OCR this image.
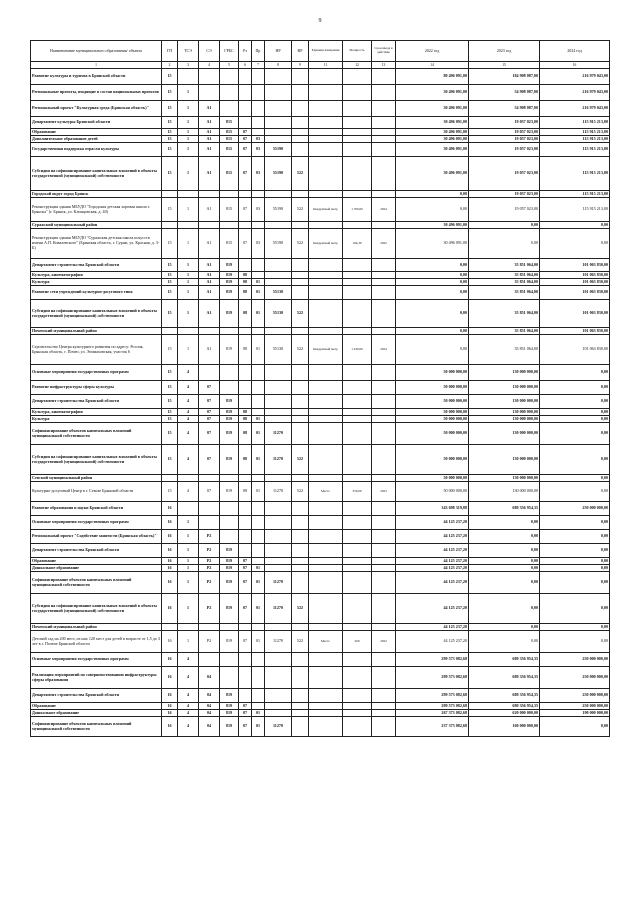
9
Наименование муниципального образования/ объекта	ГП	ТСЭ	СЭ	ГРБС	Рз	Пр	НР	ВР	Единица измерения	Мощность	Срок ввода в действие	2022 год	2023 год	2024 год
1	2	3	4	5	6	7	8	9	11	12	13	14	15	16
Развитие культуры и туризма в Брянской области	15											80 496 091,00	184 908 087,00	216 979 043,00
Региональные проекты, входящие в состав национальных проектов	15	1										30 496 091,00	54 908 087,00	216 979 043,00
Региональный проект "Культурная среда (Брянская область)"	15	1	A1									30 496 091,00	54 908 087,00	216 979 043,00
Департамент культуры Брянской области	15	1	A1	815								30 496 091,00	19 057 023,00	115 915 213,00
Образование	15	1	A1	815	07							30 496 091,00	19 057 023,00	115 915 213,00
Дополнительное образование детей	15	1	A1	815	07	03						30 496 091,00	19 057 023,00	115 915 213,00
Государственная поддержка отрасли культуры	15	1	A1	815	07	03	55190					30 496 091,00	19 057 023,00	115 915 213,00
Субсидии на софинансирование капитальных вложений в объекты государственной (муниципальной) собственности	15	1	A1	815	07	03	55190	522				30 496 091,00	19 057 023,00	115 915 213,00
Городской округ город Брянск												0,00	19 057 023,00	115 915 213,00
Реконструкция здания МБУДО "Городская детская хоровая школа г. Брянска" (г. Брянск, ул. Клинцовская, д. 40)	15	1	A1	815	07	03	55190	522	Квадратный метр	1 700,00	2024	0,00	19 057 023,00	115 915 213,00
Суражский муниципальный район												30 496 091,00	0,00	0,00
Реконструкция здания МБУДО "Суражская детская школа искусств имени А.П. Ковалевского" (Брянская область, г. Сураж, ул. Красная, д. 3-Б)	15	1	A1	815	07	03	55190	522	Квадратный метр	194,30	2022	30 496 091,00	0,00	0,00
Департамент строительства Брянской области	15	1	A1	819								0,00	35 851 064,00	101 063 830,00
Культура, кинематография	15	1	A1	819	08							0,00	35 851 064,00	101 063 830,00
Культура	15	1	A1	819	08	01						0,00	35 851 064,00	101 063 830,00
Развитие сети учреждений культурно-досугового типа	15	1	A1	819	08	01	55130					0,00	35 851 064,00	101 063 830,00
Субсидии на софинансирование капитальных вложений в объекты государственной (муниципальной) собственности	15	1	A1	819	08	01	55130	522				0,00	35 851 064,00	101 063 830,00
Почепский муниципальный район												0,00	35 851 064,00	101 063 830,00
Строительство Центра культурного развития по адресу: Россия, Брянская область, г. Почеп, ул. Эпимаховская, участок 6	15	1	A1	819	08	01	55130	522	Квадратный метр	1 430,00	2024	0,00	35 851 064,00	101 063 830,00
Основные мероприятия государственных программ	15	4										50 000 000,00	130 000 000,00	0,00
Развитие инфраструктуры сферы культуры	15	4	07									50 000 000,00	130 000 000,00	0,00
Департамент строительства Брянской области	15	4	07	819								50 000 000,00	130 000 000,00	0,00
Культура, кинематография	15	4	07	819	08							50 000 000,00	130 000 000,00	0,00
Культура	15	4	07	819	08	01						50 000 000,00	130 000 000,00	0,00
Софинансирование объектов капитальных вложений муниципальной собственности	15	4	07	819	08	01	11270					50 000 000,00	130 000 000,00	0,00
Субсидии на софинансирование капитальных вложений в объекты государственной (муниципальной) собственности	15	4	07	819	08	01	11270	522				50 000 000,00	130 000 000,00	0,00
Севский муниципальный район												50 000 000,00	130 000 000,00	0,00
Культурно-досуговый Центр в г. Севске Брянской области	15	4	07	819	08	01	11270	522	Место	350,00	2023	50 000 000,00	130 000 000,00	0,00
Развитие образования и науки Брянской области	16											343 698 319,88	680 356 954,35	250 000 000,00
Основные мероприятия государственных программ	16	1										44 125 237,20	0,00	0,00
Региональный проект "Содействие занятости (Брянская область)"	16	1	P2									44 125 237,20	0,00	0,00
Департамент строительства Брянской области	16	1	P2	819								44 125 237,20	0,00	0,00
Образование	16	1	P2	819	07							44 125 237,20	0,00	0,00
Дошкольное образование	16	1	P2	819	07	01						44 125 237,20	0,00	0,00
Софинансирование объектов капитальных вложений муниципальной собственности	16	1	P2	819	07	01	11270					44 125 237,20	0,00	0,00
Субсидии на софинансирование капитальных вложений в объекты государственной (муниципальной) собственности	16	1	P2	819	07	01	11270	522				44 125 237,20	0,00	0,00
Почепский муниципальный район												44 125 237,20	0,00	0,00
Детский сад на 200 мест, из них 120 мест для детей в возрасте от 1,5 до 3 лет в г. Почепе Брянской области	16	1	P2	819	07	01	11270	522	Место	200	2022	44 125 237,20	0,00	0,00
Основные мероприятия государственных программ	16	4										299 573 082,68	680 356 954,35	250 000 000,00
Реализация мероприятий по совершенствованию инфраструктуры сферы образования	16	4	04									299 573 082,68	680 356 954,35	250 000 000,00
Департамент строительства Брянской области	16	4	04	819								299 573 082,68	680 356 954,35	250 000 000,00
Образование	16	4	04	819	07							299 573 082,68	680 356 954,35	250 000 000,00
Дошкольное образование	16	4	04	819	07	01						267 373 082,68	620 000 000,00	190 000 000,00
Софинансирование объектов капитальных вложений муниципальной собственности	16	4	04	819	07	01	11270					237 373 082,68	160 000 000,00	0,00
